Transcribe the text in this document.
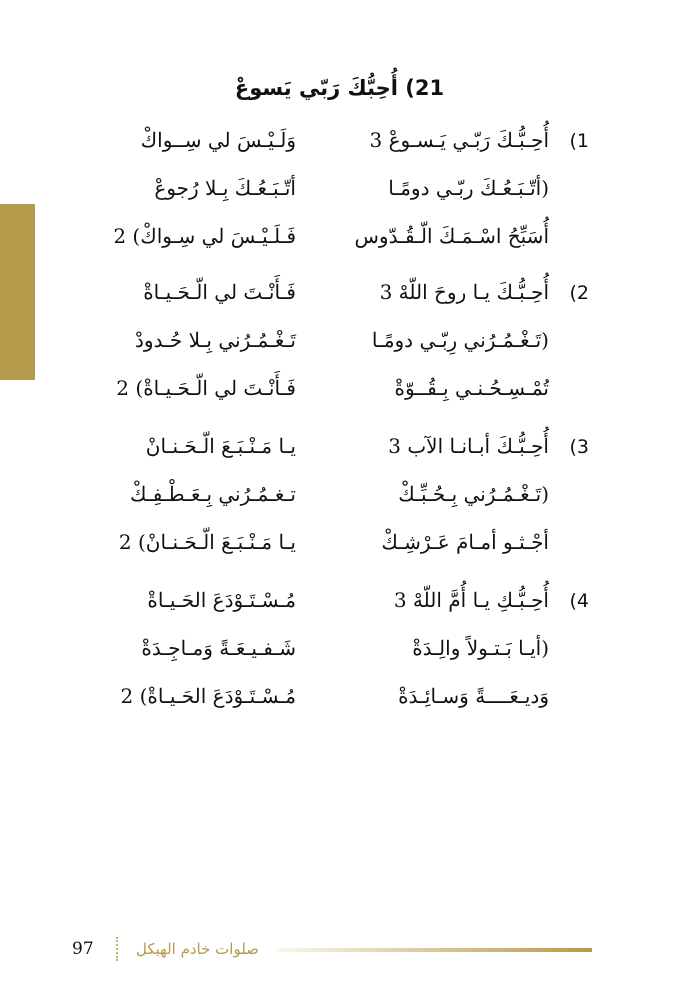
21) أُحِبُّكَ رَبّي يَسوعْ
1)
أُحِـبُّـكَ رَبّـي يَـسـوعْ 3
وَلَـيْـسَ لي سِــواكْ
(أتّـبَـعُـكَ ربّـي دومًـا
أتّـبَـعُـكَ بِـلا رُجوعْ
أُسَبِّحُ اسْـمَـكَ الّـقُـدّوس
فَـلَـيْـسَ لي سِـواكْ) 2
2)
أُحِـبُّـكَ يـا روحَ اللّهْ 3
فَـأَنْـتَ لي الّـحَـيـاةْ
(تَـغْـمُـرُني رِبّـي دومًـا
تَـغْـمُـرُني بِـلا حُـدودْ
تُمْـسِـحُـنـي بِـقُــوّةْ
فَـأَنْـتَ لي الّـحَـيـاةْ) 2
3)
أُحِـبُّـكَ أبـانـا الآب 3
يـا مَـنْـبَـعَ الّـحَـنـانْ
(تَـغْـمُـرُني بِـحُـبِّـكْ
تـغـمُـرُني بِـعَـطْـفِـكْ
أجْـثـو أمـامَ عَـرْشِـكْ
يـا مَـنْـبَـعَ الّـحَـنـانْ) 2
4)
أُحِـبُّـكِ يـا أُمَّ اللّهْ 3
مُـسْـتَـوْدَعَ الحَـيـاةْ
(أيـا بَـتـولاً والِـدَةْ
شَـفـيـعَـةً وَمـاجِـدَةْ
وَديـعَــــةً وَسـائِـدَةْ
مُـسْـتَـوْدَعَ الحَـيـاةْ) 2
97	صلوات خادم الهيكل
